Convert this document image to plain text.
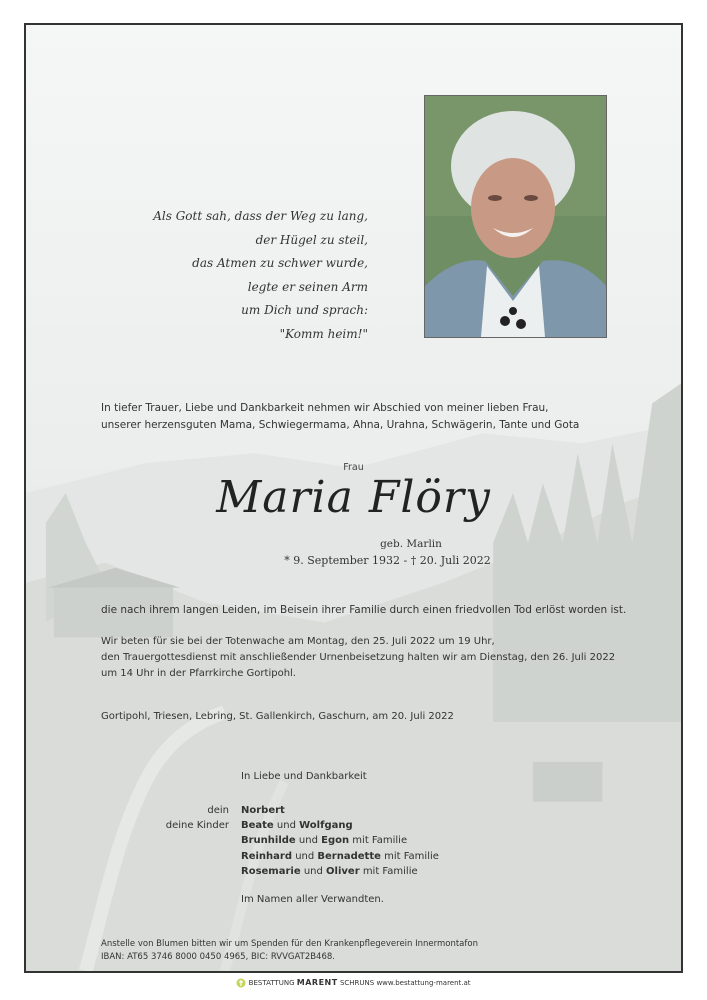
Als Gott sah, dass der Weg zu lang,
der Hügel zu steil,
das Atmen zu schwer wurde,
legte er seinen Arm
um Dich und sprach:
"Komm heim!"
In tiefer Trauer, Liebe und Dankbarkeit nehmen wir Abschied von meiner lieben Frau,
unserer herzensguten Mama, Schwiegermama, Ahna, Urahna, Schwägerin, Tante und Gota
Frau
Maria Flöry
geb. Marlin
* 9. September 1932 - † 20. Juli 2022
die nach ihrem langen Leiden, im Beisein ihrer Familie durch einen friedvollen Tod erlöst worden ist.
Wir beten für sie bei der Totenwache am Montag, den 25. Juli 2022 um 19 Uhr,
den Trauergottesdienst mit anschließender Urnenbeisetzung halten wir am Dienstag, den 26. Juli 2022
um 14 Uhr in der Pfarrkirche Gortipohl.
Gortipohl, Triesen, Lebring, St. Gallenkirch, Gaschurn, am 20. Juli 2022
In Liebe und Dankbarkeit
dein
deine Kinder
Norbert
Beate und Wolfgang
Brunhilde und Egon mit Familie
Reinhard und Bernadette mit Familie
Rosemarie und Oliver mit Familie
Im Namen aller Verwandten.
Anstelle von Blumen bitten wir um Spenden für den Krankenpflegeverein Innermontafon
IBAN: AT65 3746 8000 0450 4965, BIC: RVVGAT2B468.
BESTATTUNG MARENT SCHRUNS www.bestattung-marent.at
